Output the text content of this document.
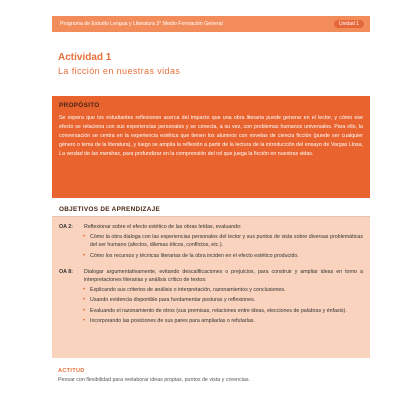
Programa de Estudio Lengua y Literatura 3° Medio Formación General	Unidad 1
Actividad 1
La ficción en nuestras vidas
PROPÓSITO

Se espera que los estudiantes reflexionen acerca del impacto que una obra literaria puede generar en el lector, y cómo ese efecto se relaciona con sus experiencias personales y se conecta, a su vez, con problemas humanos universales. Para ello, la conversación se centra en la experiencia estética que tienen los alumnos con novelas de ciencia ficción (puede ser cualquier género o tema de la literatura), y luego se amplía la reflexión a partir de la lectura de la introducción del ensayo de Vargas Llosa, La verdad de las mentiras, para profundizar en la comprensión del rol que juega la ficción en nuestras vidas.

OBJETIVOS DE APRENDIZAJE
OA 2:	Reflexionar sobre el efecto estético de las obras leídas, evaluando:
• Cómo la obra dialoga con las experiencias personales del lector y sus puntos de vista sobre diversas problemáticas del ser humano (afectos, dilemas éticos, conflictos, etc.).
• Cómo los recursos y técnicas literarias de la obra inciden en el efecto estético producido.
OA 8:	Dialogar argumentativamente, evitando descalificaciones o prejuicios, para construir y ampliar ideas en torno a interpretaciones literarias y análisis crítico de textos:
• Explicando sus criterios de análisis o interpretación, razonamientos y conclusiones.
• Usando evidencia disponible para fundamentar posturas y reflexiones.
• Evaluando el razonamiento de otros (sus premisas, relaciones entre ideas, elecciones de palabras y énfasis).
• Incorporando las posiciones de sus pares para ampliarlas o refutarlas.
ACTITUD
Pensar con flexibilidad para reelaborar ideas propias, puntos de vista y creencias.
